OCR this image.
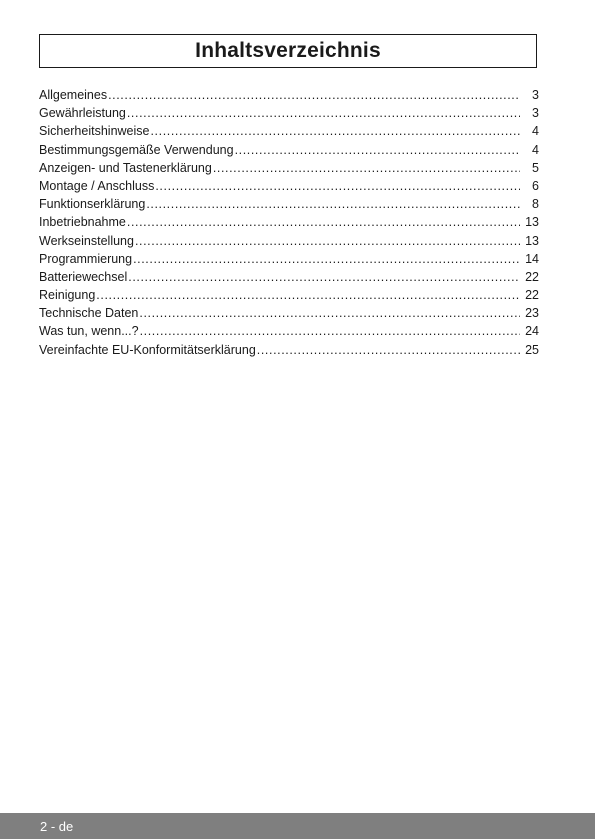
Inhaltsverzeichnis
Allgemeines .....	3
Gewährleistung .....	3
Sicherheitshinweise .....	4
Bestimmungsgemäße Verwendung .....	4
Anzeigen- und Tastenerklärung .....	5
Montage / Anschluss .....	6
Funktionserklärung .....	8
Inbetriebnahme .....	13
Werkseinstellung .....	13
Programmierung .....	14
Batteriewechsel .....	22
Reinigung .....	22
Technische Daten .....	23
Was tun, wenn...? .....	24
Vereinfachte EU-Konformitätserklärung .....	25
2 - de
